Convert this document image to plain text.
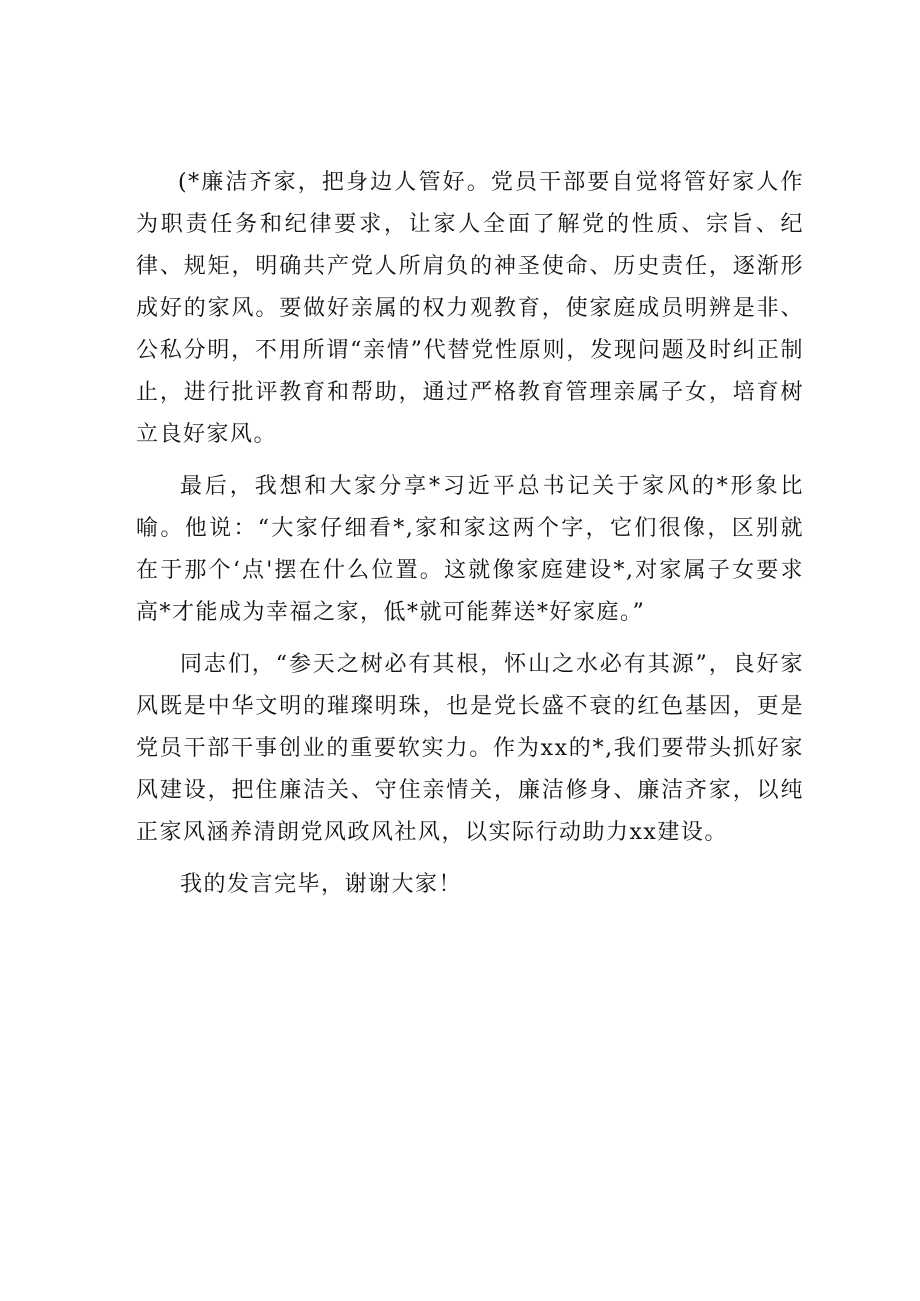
(*廉洁齐家，把身边人管好。党员干部要自觉将管好家人作为职责任务和纪律要求，让家人全面了解党的性质、宗旨、纪律、规矩，明确共产党人所肩负的神圣使命、历史责任，逐渐形成好的家风。要做好亲属的权力观教育，使家庭成员明辨是非、公私分明，不用所谓“亲情”代替党性原则，发现问题及时纠正制止，进行批评教育和帮助，通过严格教育管理亲属子女，培育树立良好家风。

最后，我想和大家分享*习近平总书记关于家风的*形象比喻。他说：“大家仔细看*,家和家这两个字，它们很像，区别就在于那个‘点'摆在什么位置。这就像家庭建设*,对家属子女要求高*才能成为幸福之家，低*就可能葬送*好家庭。”

同志们，“参天之树必有其根，怀山之水必有其源”，良好家风既是中华文明的璀璨明珠，也是党长盛不衰的红色基因，更是党员干部干事创业的重要软实力。作为xx的*,我们要带头抓好家风建设，把住廉洁关、守住亲情关，廉洁修身、廉洁齐家，以纯正家风涵养清朗党风政风社风，以实际行动助力xx建设。

我的发言完毕，谢谢大家！
